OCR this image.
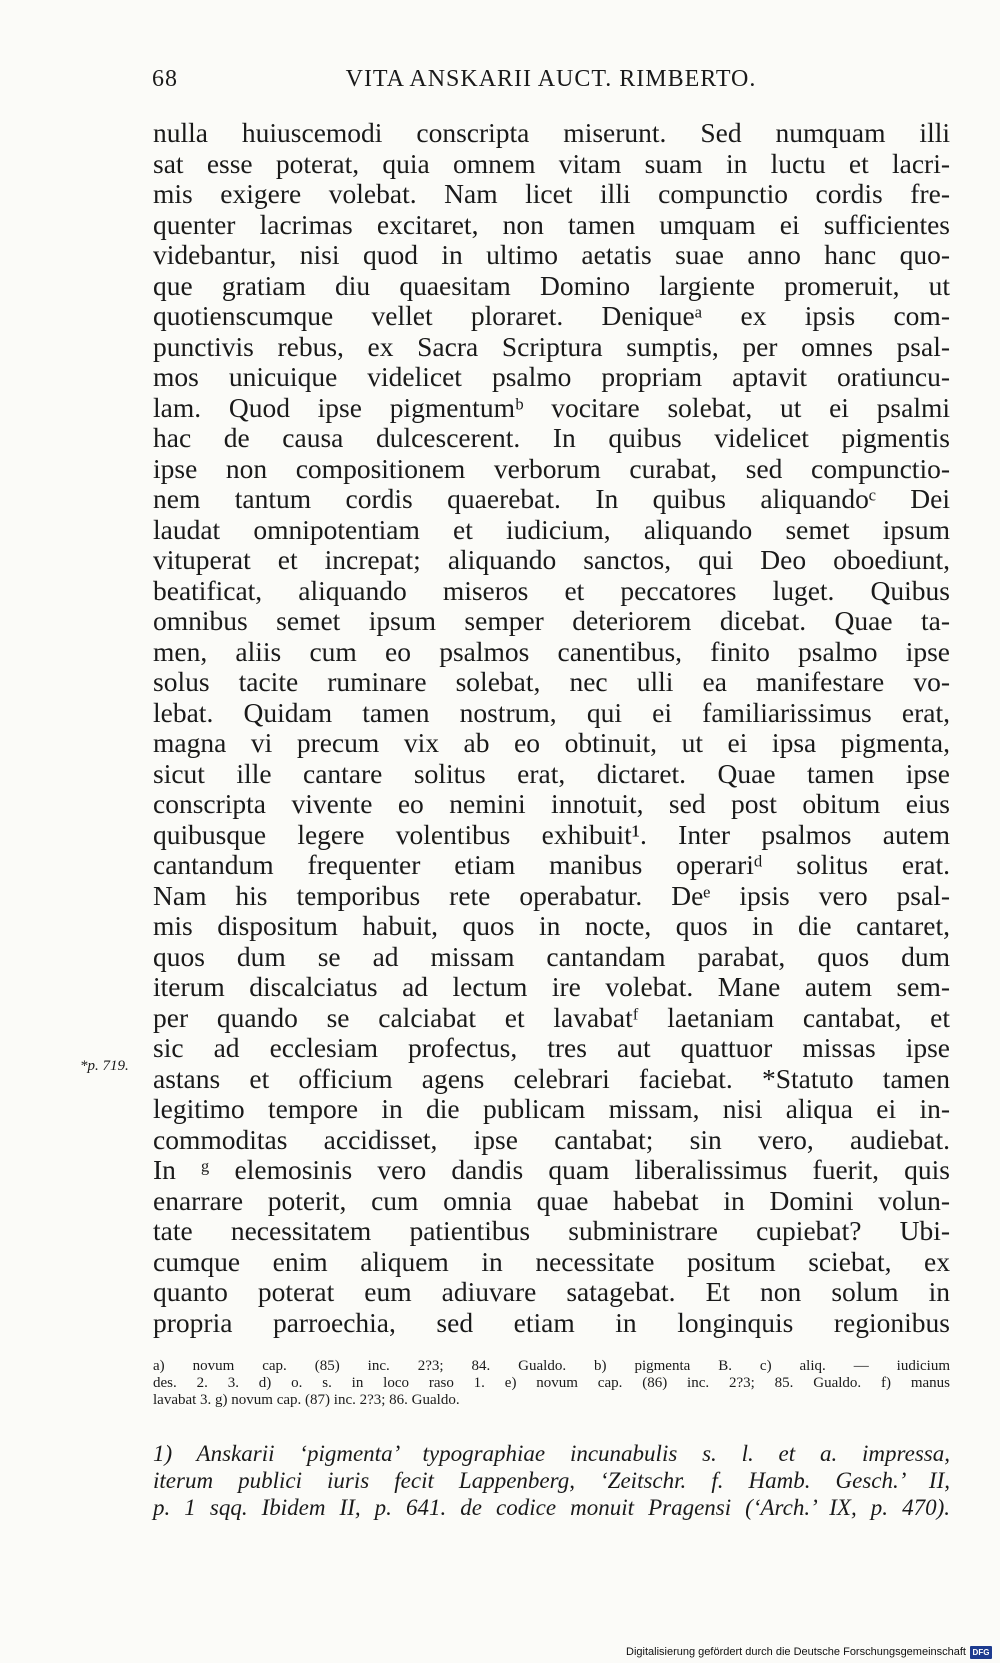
68	VITA ANSKARII AUCT. RIMBERTO.
*p. 719.
nulla huiuscemodi conscripta miserunt. Sed numquam illi
sat esse poterat, quia omnem vitam suam in luctu et lacri-
mis exigere volebat. Nam licet illi compunctio cordis fre-
quenter lacrimas excitaret, non tamen umquam ei sufficientes
videbantur, nisi quod in ultimo aetatis suae anno hanc quo-
que gratiam diu quaesitam Domino largiente promeruit, ut
quotienscumque vellet ploraret. Deniqueᵃ ex ipsis com-
punctivis rebus, ex Sacra Scriptura sumptis, per omnes psal-
mos unicuique videlicet psalmo propriam aptavit oratiuncu-
lam. Quod ipse pigmentumᵇ vocitare solebat, ut ei psalmi
hac de causa dulcescerent. In quibus videlicet pigmentis
ipse non compositionem verborum curabat, sed compunctio-
nem tantum cordis quaerebat. In quibus aliquandoᶜ Dei
laudat omnipotentiam et iudicium, aliquando semet ipsum
vituperat et increpat; aliquando sanctos, qui Deo oboediunt,
beatificat, aliquando miseros et peccatores luget. Quibus
omnibus semet ipsum semper deteriorem dicebat. Quae ta-
men, aliis cum eo psalmos canentibus, finito psalmo ipse
solus tacite ruminare solebat, nec ulli ea manifestare vo-
lebat. Quidam tamen nostrum, qui ei familiarissimus erat,
magna vi precum vix ab eo obtinuit, ut ei ipsa pigmenta,
sicut ille cantare solitus erat, dictaret. Quae tamen ipse
conscripta vivente eo nemini innotuit, sed post obitum eius
quibusque legere volentibus exhibuit¹. Inter psalmos autem
cantandum frequenter etiam manibus operariᵈ solitus erat.
Nam his temporibus rete operabatur. Deᵉ ipsis vero psal-
mis dispositum habuit, quos in nocte, quos in die cantaret,
quos dum se ad missam cantandam parabat, quos dum
iterum discalciatus ad lectum ire volebat. Mane autem sem-
per quando se calciabat et lavabatᶠ laetaniam cantabat, et
sic ad ecclesiam profectus, tres aut quattuor missas ipse
astans et officium agens celebrari faciebat. *Statuto tamen
legitimo tempore in die publicam missam, nisi aliqua ei in-
commoditas accidisset, ipse cantabat; sin vero, audiebat.
In ᵍ elemosinis vero dandis quam liberalissimus fuerit, quis
enarrare poterit, cum omnia quae habebat in Domini volun-
tate necessitatem patientibus subministrare cupiebat? Ubi-
cumque enim aliquem in necessitate positum sciebat, ex
quanto poterat eum adiuvare satagebat. Et non solum in
propria parroechia, sed etiam in longinquis regionibus
a) novum cap. (85) inc. 2?3; 84. Gualdo. b) pigmenta B. c) aliq. — iudicium
des. 2. 3. d) o. s. in loco raso 1. e) novum cap. (86) inc. 2?3; 85. Gualdo. f) manus
lavabat 3. g) novum cap. (87) inc. 2?3; 86. Gualdo.
1) Anskarii ‘pigmenta’ typographiae incunabulis s. l. et a. impressa,
iterum publici iuris fecit Lappenberg, ‘Zeitschr. f. Hamb. Gesch.’ II,
p. 1 sqq. Ibidem II, p. 641. de codice monuit Pragensi (‘Arch.’ IX, p. 470).
Digitalisierung gefördert durch die Deutsche Forschungsgemeinschaft DFG
